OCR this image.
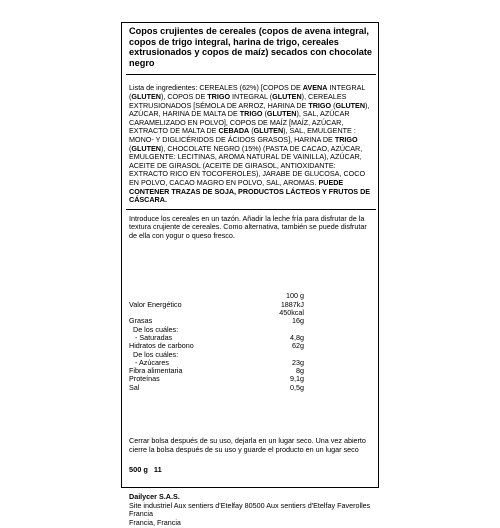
Copos crujientes de cereales (copos de avena integral, copos de trigo integral, harina de trigo, cereales extrusionados y copos de maíz) secados con chocolate negro

Lista de ingredientes: CEREALES (62%) [COPOS DE AVENA INTEGRAL (GLUTEN), COPOS DE TRIGO INTEGRAL (GLUTEN), CEREALES EXTRUSIONADOS [SÉMOLA DE ARROZ, HARINA DE TRIGO (GLUTEN), AZÚCAR, HARINA DE MALTA DE TRIGO (GLUTEN), SAL, AZÚCAR CARAMELIZADO EN POLVO], COPOS DE MAÍZ [MAÍZ, AZÚCAR, EXTRACTO DE MALTA DE CEBADA (GLUTEN), SAL, EMULGENTE : MONO- Y DIGLICÉRIDOS DE ÁCIDOS GRASOS], HARINA DE TRIGO (GLUTEN), CHOCOLATE NEGRO (15%) (PASTA DE CACAO, AZÚCAR, EMULGENTE: LECITINAS, AROMA NATURAL DE VAINILLA), AZÚCAR, ACEITE DE GIRASOL (ACEITE DE GIRASOL, ANTIOXIDANTE: EXTRACTO RICO EN TOCOFEROLES), JARABE DE GLUCOSA, COCO EN POLVO, CACAO MAGRO EN POLVO, SAL, AROMAS. PUEDE CONTENER TRAZAS DE SOJA, PRODUCTOS LÁCTEOS Y FRUTOS DE CÁSCARA.
Introduce los cereales en un tazón. Añadir la leche fría para disfrutar de la textura crujiente de cereales. Como alternativa, también se puede disfrutar de ella con yogur o queso fresco.
100 g
Valor Energético	1887kJ
450kcal
Grasas	16g
De los cuáles:
- Saturadas	4,8g
Hidratos de carbono	62g
De los cuáles:
- Azúcares	23g
Fibra alimentaria	8g
Proteínas	9,1g
Sal	0,5g
Cerrar bolsa después de su uso, dejarla en un lugar seco. Una vez abierto cierre la bolsa después de su uso y guarde el producto en un lugar seco
500 g 11
Dailycer S.A.S.
Site industriel Aux sentiers d'Etelfay 80500 Aux sentiers d'Etelfay Faverolles
Francia
Francia, Francia
